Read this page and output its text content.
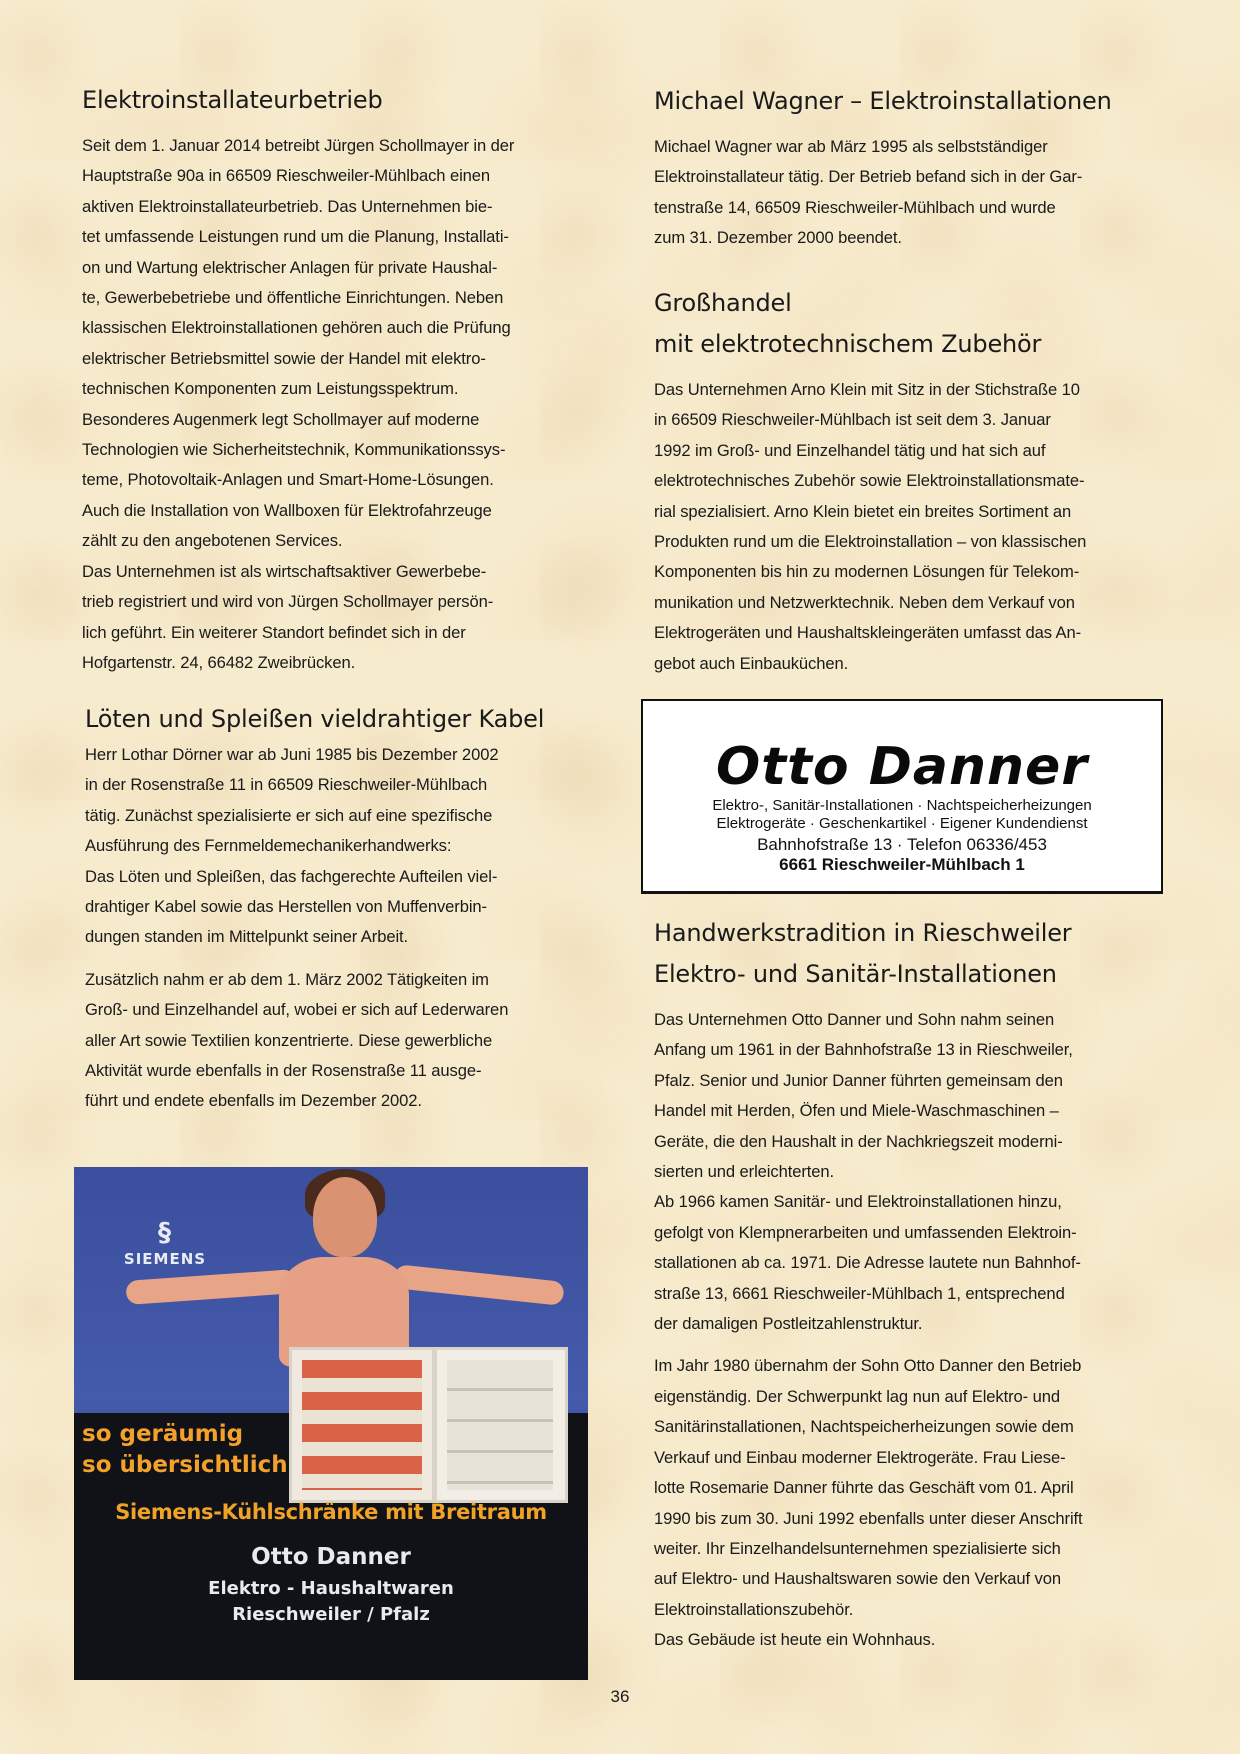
Elektroinstallateurbetrieb

Seit dem 1. Januar 2014 betreibt Jürgen Schollmayer in der

Hauptstraße 90a in 66509 Rieschweiler-Mühlbach einen

aktiven Elektroinstallateurbetrieb. Das Unternehmen bie-

tet umfassende Leistungen rund um die Planung, Installati-

on und Wartung elektrischer Anlagen für private Haushal-

te, Gewerbebetriebe und öffentliche Einrichtungen. Neben

klassischen Elektroinstallationen gehören auch die Prüfung

elektrischer Betriebsmittel sowie der Handel mit elektro-

technischen Komponenten zum Leistungsspektrum.

Besonderes Augenmerk legt Schollmayer auf moderne

Technologien wie Sicherheitstechnik, Kommunikationssys-

teme, Photovoltaik-Anlagen und Smart-Home-Lösungen.

Auch die Installation von Wallboxen für Elektrofahrzeuge

zählt zu den angebotenen Services.

Das Unternehmen ist als wirtschaftsaktiver Gewerbebe-

trieb registriert und wird von Jürgen Schollmayer persön-

lich geführt. Ein weiterer Standort befindet sich in der

Hofgartenstr. 24, 66482 Zweibrücken.

Löten und Spleißen vieldrahtiger Kabel

Herr Lothar Dörner war ab Juni 1985 bis Dezember 2002

in der Rosenstraße 11 in 66509 Rieschweiler-Mühlbach

tätig. Zunächst spezialisierte er sich auf eine spezifische

Ausführung des Fernmeldemechanikerhandwerks:

Das Löten und Spleißen, das fachgerechte Aufteilen viel-

drahtiger Kabel sowie das Herstellen von Muffenverbin-

dungen standen im Mittelpunkt seiner Arbeit.

Zusätzlich nahm er ab dem 1. März 2002 Tätigkeiten im

Groß- und Einzelhandel auf, wobei er sich auf Lederwaren

aller Art sowie Textilien konzentrierte. Diese gewerbliche

Aktivität wurde ebenfalls in der Rosenstraße 11 ausge-

führt und endete ebenfalls im Dezember 2002.

§
SIEMENS
so geräumig
so übersichtlich
Siemens-Kühlschränke mit Breitraum
Otto Danner
Elektro - Haushaltwaren
Rieschweiler / Pfalz
Michael Wagner – Elektroinstallationen

Michael Wagner war ab März 1995 als selbstständiger

Elektroinstallateur tätig. Der Betrieb befand sich in der Gar-

tenstraße 14, 66509 Rieschweiler-Mühlbach und wurde

zum 31. Dezember 2000 beendet.

Großhandel
mit elektrotechnischem Zubehör

Das Unternehmen Arno Klein mit Sitz in der Stichstraße 10

in 66509 Rieschweiler-Mühlbach ist seit dem 3. Januar

1992 im Groß- und Einzelhandel tätig und hat sich auf

elektrotechnisches Zubehör sowie Elektroinstallationsmate-

rial spezialisiert. Arno Klein bietet ein breites Sortiment an

Produkten rund um die Elektroinstallation – von klassischen

Komponenten bis hin zu modernen Lösungen für Telekom-

munikation und Netzwerktechnik. Neben dem Verkauf von

Elektrogeräten und Haushaltskleingeräten umfasst das An-

gebot auch Einbauküchen.

Otto Danner
Elektro-, Sanitär-Installationen · Nachtspeicherheizungen
Elektrogeräte · Geschenkartikel · Eigener Kundendienst
Bahnhofstraße 13 · Telefon 06336/453
6661 Rieschweiler-Mühlbach 1
Handwerkstradition in Rieschweiler
Elektro- und Sanitär-Installationen

Das Unternehmen Otto Danner und Sohn nahm seinen

Anfang um 1961 in der Bahnhofstraße 13 in Rieschweiler,

Pfalz. Senior und Junior Danner führten gemeinsam den

Handel mit Herden, Öfen und Miele-Waschmaschinen –

Geräte, die den Haushalt in der Nachkriegszeit moderni-

sierten und erleichterten.

Ab 1966 kamen Sanitär- und Elektroinstallationen hinzu,

gefolgt von Klempnerarbeiten und umfassenden Elektroin-

stallationen ab ca. 1971. Die Adresse lautete nun Bahnhof-

straße 13, 6661 Rieschweiler-Mühlbach 1, entsprechend

der damaligen Postleitzahlenstruktur.

Im Jahr 1980 übernahm der Sohn Otto Danner den Betrieb

eigenständig. Der Schwerpunkt lag nun auf Elektro- und

Sanitärinstallationen, Nachtspeicherheizungen sowie dem

Verkauf und Einbau moderner Elektrogeräte. Frau Liese-

lotte Rosemarie Danner führte das Geschäft vom 01. April

1990 bis zum 30. Juni 1992 ebenfalls unter dieser Anschrift

weiter. Ihr Einzelhandelsunternehmen spezialisierte sich

auf Elektro- und Haushaltswaren sowie den Verkauf von

Elektroinstallationszubehör.

Das Gebäude ist heute ein Wohnhaus.

36
